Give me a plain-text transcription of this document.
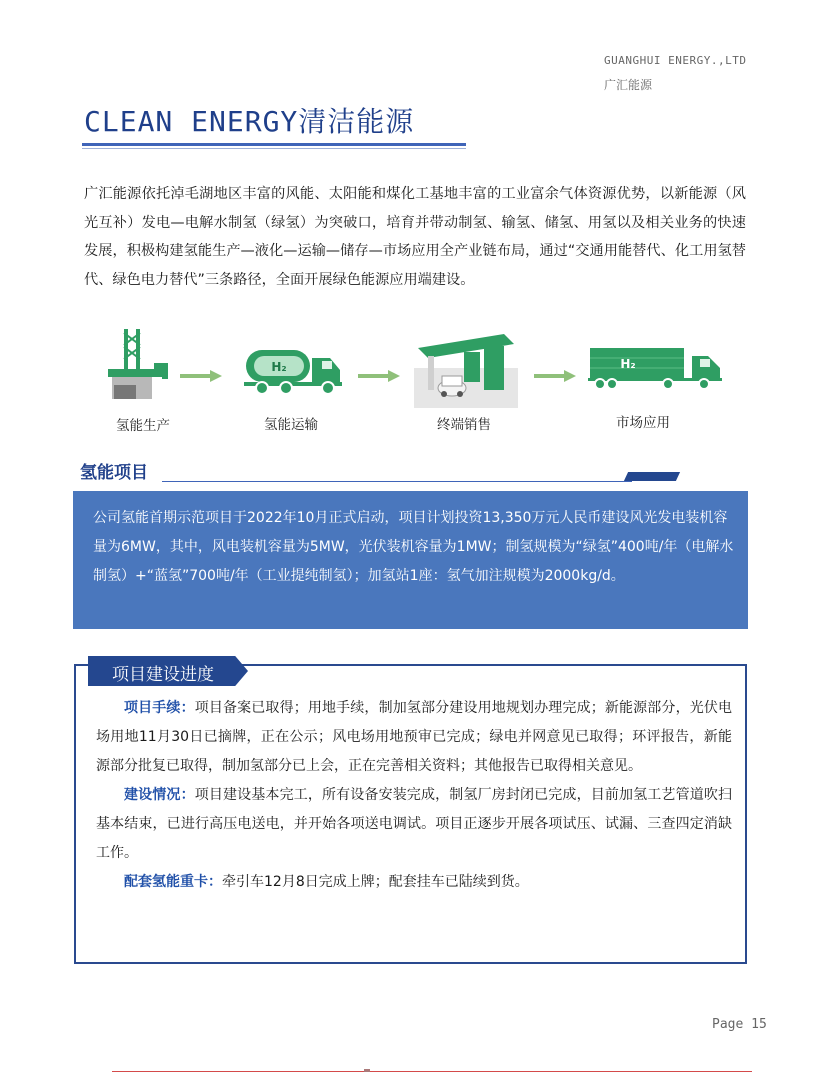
GUANGHUI ENERGY.,LTD
广汇能源
CLEAN ENERGY清洁能源
广汇能源依托淖毛湖地区丰富的风能、太阳能和煤化工基地丰富的工业富余气体资源优势，以新能源（风光互补）发电—电解水制氢（绿氢）为突破口，培育并带动制氢、输氢、储氢、用氢以及相关业务的快速发展，积极构建氢能生产—液化—运输—储存—市场应用全产业链布局，通过“交通用能替代、化工用氢替代、绿色电力替代”三条路径，全面开展绿色能源应用端建设。
H₂	H₂
氢能生产	氢能运输	终端销售	市场应用
氢能项目
公司氢能首期示范项目于2022年10月正式启动，项目计划投资13,350万元人民币建设风光发电装机容量为6MW，其中，风电装机容量为5MW，光伏装机容量为1MW；制氢规模为“绿氢”400吨/年（电解水制氢）+“蓝氢”700吨/年（工业提纯制氢）；加氢站1座：氢气加注规模为2000kg/d。
项目建设进度

项目手续：项目备案已取得；用地手续，制加氢部分建设用地规划办理完成；新能源部分，光伏电场用地11月30日已摘牌，正在公示；风电场用地预审已完成；绿电并网意见已取得；环评报告，新能源部分批复已取得，制加氢部分已上会，正在完善相关资料；其他报告已取得相关意见。

建设情况：项目建设基本完工，所有设备安装完成，制氢厂房封闭已完成，目前加氢工艺管道吹扫基本结束，已进行高压电送电，并开始各项送电调试。项目正逐步开展各项试压、试漏、三查四定消缺工作。

配套氢能重卡：牵引车12月8日完成上牌；配套挂车已陆续到货。

Page 15
